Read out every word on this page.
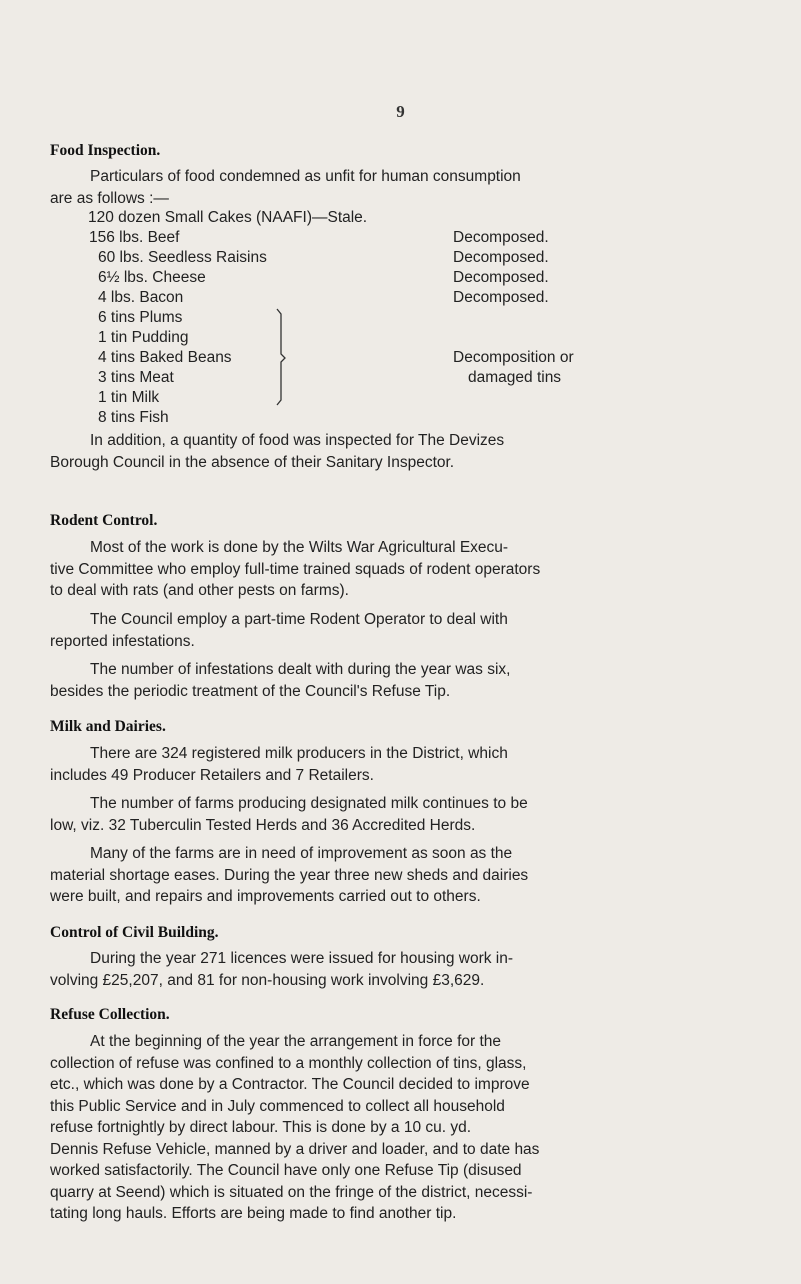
9
Food Inspection.
Particulars of food condemned as unfit for human consumption
are as follows :—
120 dozen Small Cakes (NAAFI)—Stale.
156 lbs. Beef
60 lbs. Seedless Raisins
6½ lbs. Cheese
4 lbs. Bacon
6 tins Plums
1 tin Pudding
4 tins Baked Beans
3 tins Meat
1 tin Milk
8 tins Fish
Decomposed.
Decomposed.
Decomposed.
Decomposed.
Decomposition or
damaged tins
In addition, a quantity of food was inspected for The Devizes
Borough Council in the absence of their Sanitary Inspector.
Rodent Control.
Most of the work is done by the Wilts War Agricultural Execu-
tive Committee who employ full-time trained squads of rodent operators
to deal with rats (and other pests on farms).
The Council employ a part-time Rodent Operator to deal with
reported infestations.
The number of infestations dealt with during the year was six,
besides the periodic treatment of the Council's Refuse Tip.
Milk and Dairies.
There are 324 registered milk producers in the District, which
includes 49 Producer Retailers and 7 Retailers.
The number of farms producing designated milk continues to be
low, viz. 32 Tuberculin Tested Herds and 36 Accredited Herds.
Many of the farms are in need of improvement as soon as the
material shortage eases. During the year three new sheds and dairies
were built, and repairs and improvements carried out to others.
Control of Civil Building.
During the year 271 licences were issued for housing work in-
volving £25,207, and 81 for non-housing work involving £3,629.
Refuse Collection.
At the beginning of the year the arrangement in force for the
collection of refuse was confined to a monthly collection of tins, glass,
etc., which was done by a Contractor. The Council decided to improve
this Public Service and in July commenced to collect all household
refuse fortnightly by direct labour. This is done by a 10 cu. yd.
Dennis Refuse Vehicle, manned by a driver and loader, and to date has
worked satisfactorily. The Council have only one Refuse Tip (disused
quarry at Seend) which is situated on the fringe of the district, necessi-
tating long hauls. Efforts are being made to find another tip.
